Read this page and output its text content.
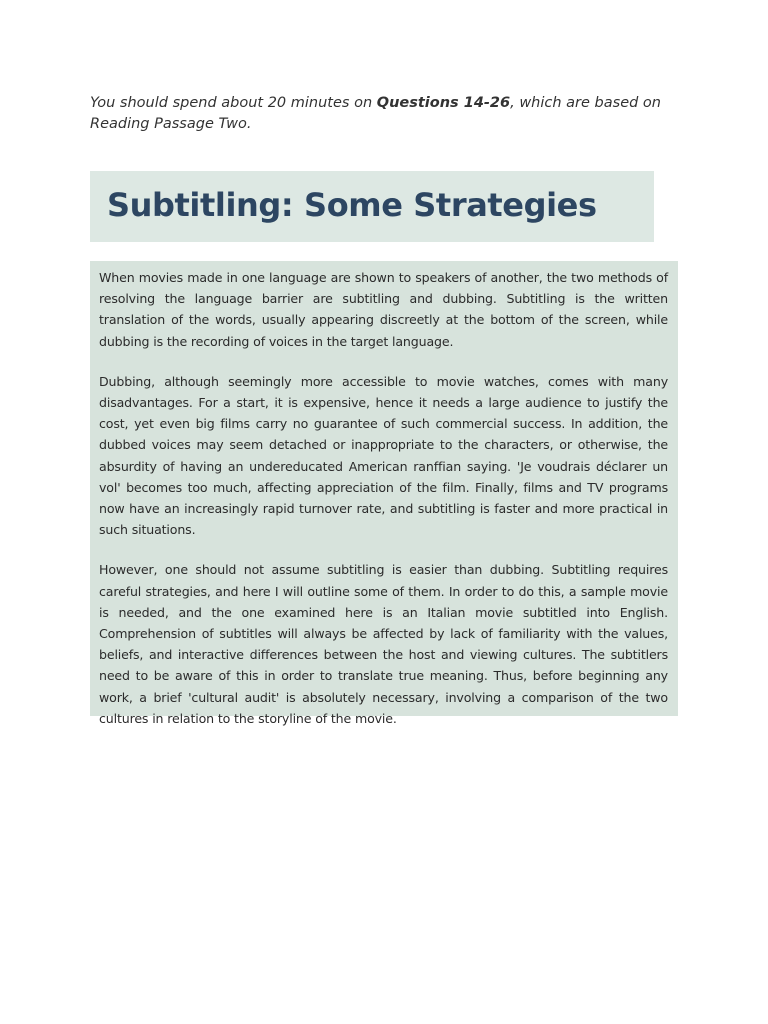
You should spend about 20 minutes on Questions 14-26, which are based on Reading Passage Two.

Subtitling: Some Strategies

When movies made in one language are shown to speakers of another, the two methods of resolving the language barrier are subtitling and dubbing. Subtitling is the written translation of the words, usually appearing discreetly at the bottom of the screen, while dubbing is the recording of voices in the target language.

Dubbing, although seemingly more accessible to movie watches, comes with many disadvantages. For a start, it is expensive, hence it needs a large audience to justify the cost, yet even big films carry no guarantee of such commercial success. In addition, the dubbed voices may seem detached or inappropriate to the characters, or otherwise, the absurdity of having an undereducated American ranffian saying. 'Je voudrais déclarer un vol' becomes too much, affecting appreciation of the film. Finally, films and TV programs now have an increasingly rapid turnover rate, and subtitling is faster and more practical in such situations.

However, one should not assume subtitling is easier than dubbing. Subtitling requires careful strategies, and here I will outline some of them. In order to do this, a sample movie is needed, and the one examined here is an Italian movie subtitled into English. Comprehension of subtitles will always be affected by lack of familiarity with the values, beliefs, and interactive differences between the host and viewing cultures. The subtitlers need to be aware of this in order to translate true meaning. Thus, before beginning any work, a brief 'cultural audit' is absolutely necessary, involving a comparison of the two cultures in relation to the storyline of the movie.
